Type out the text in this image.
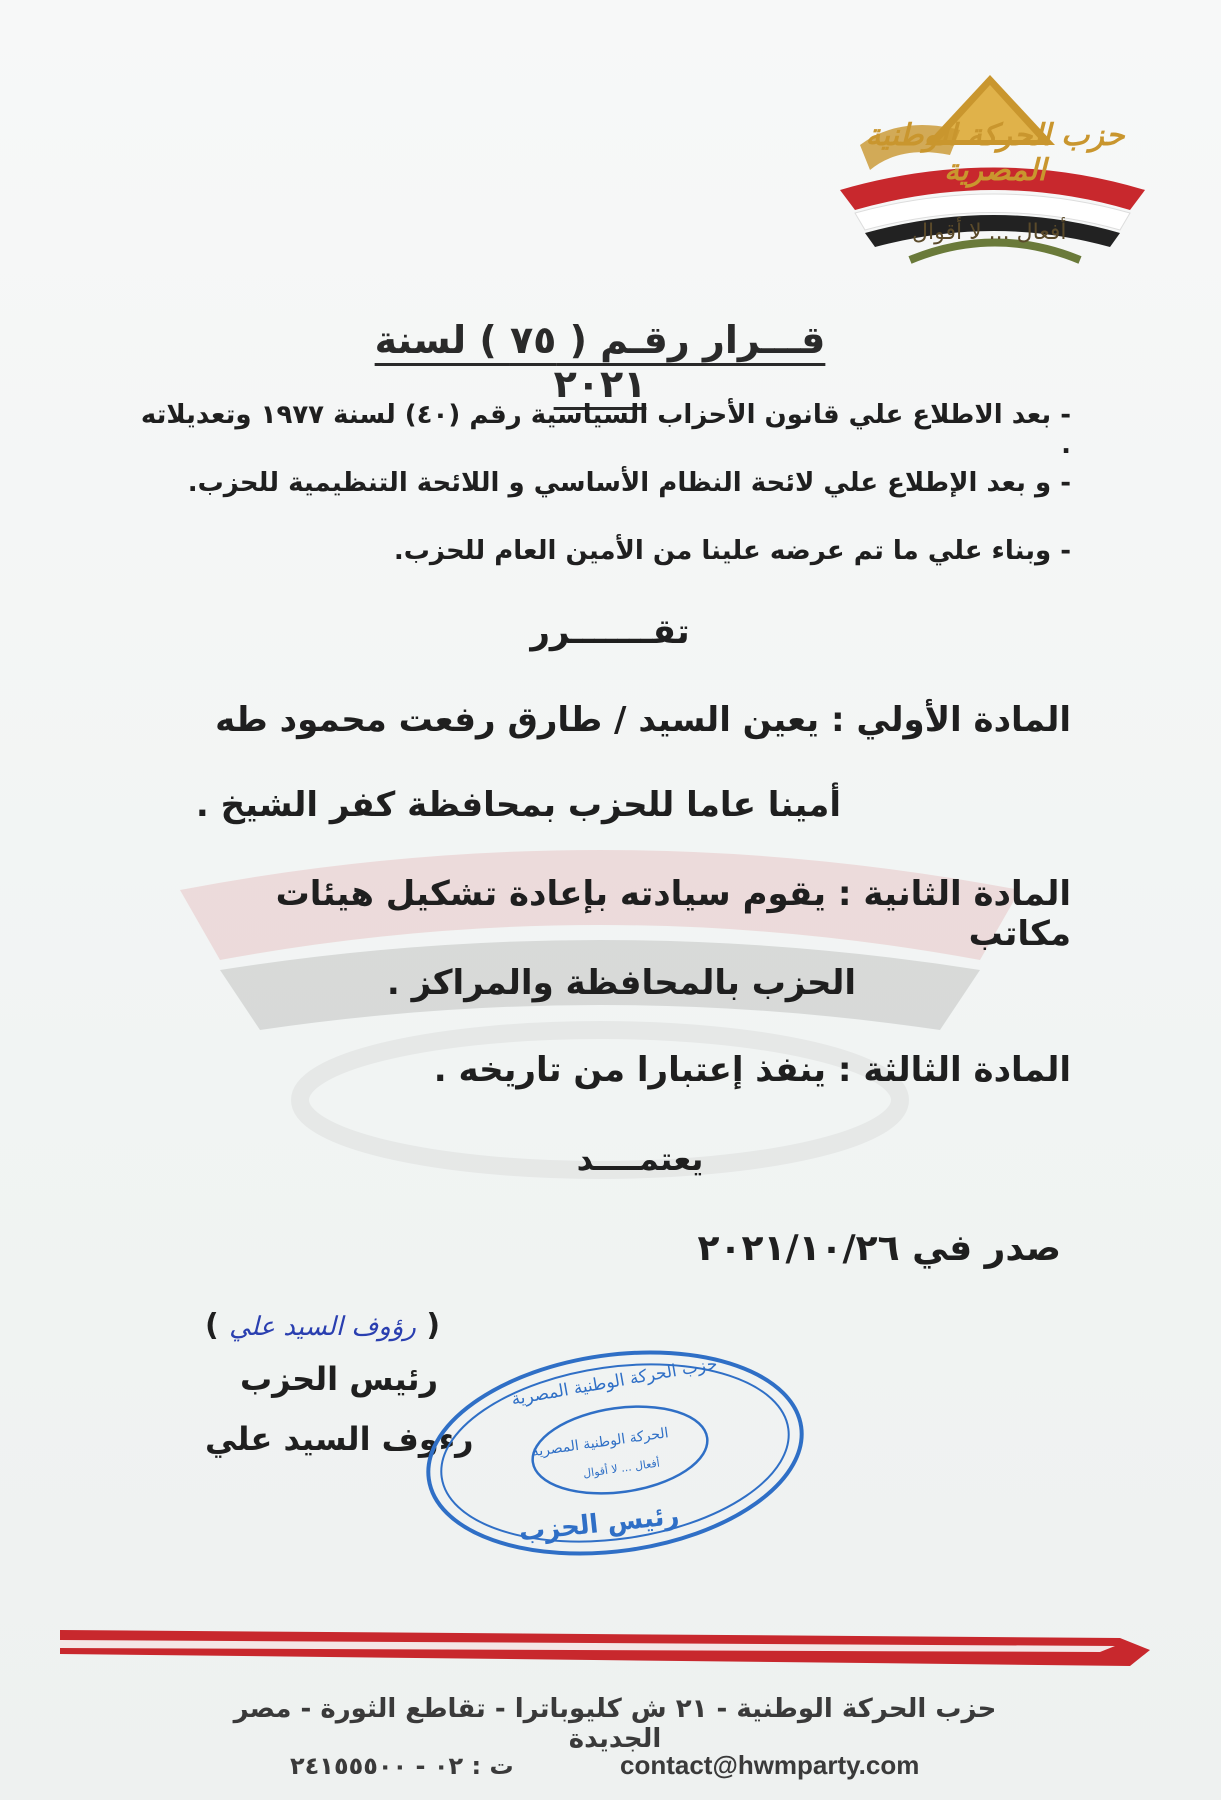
حزب الحركة الوطنية المصرية
أفعال ... لا أقوال
قـــرار رقـم ( ٧٥ ) لسنة ٢٠٢١
- بعد الاطلاع علي قانون الأحزاب السياسية رقم (٤٠) لسنة ١٩٧٧ وتعديلاته .
- و بعد الإطلاع علي لائحة النظام الأساسي و اللائحة التنظيمية للحزب.
- وبناء علي ما تم عرضه علينا من الأمين العام للحزب.
تقـــــــرر
المادة الأولي : يعين السيد / طارق رفعت محمود طه
أمينا عاما للحزب بمحافظة كفر الشيخ .
المادة الثانية : يقوم سيادته بإعادة تشكيل هيئات مكاتب
الحزب بالمحافظة والمراكز .
المادة الثالثة : ينفذ إعتبارا من تاريخه .
يعتمــــد
صدر في ٢٠٢١/١٠/٢٦
( رؤوف السيد علي )
رئيس الحزب
رءوف السيد علي
حزب الحركة الوطنية المصرية
رئيس الحزب
الحركة الوطنية المصرية
أفعال ... لا أقوال
حزب الحركة الوطنية - ٢١ ش كليوباترا - تقاطع الثورة - مصر الجديدة
ت : ٠٢ - ٢٤١٥٥٥٠٠	contact@hwmparty.com
